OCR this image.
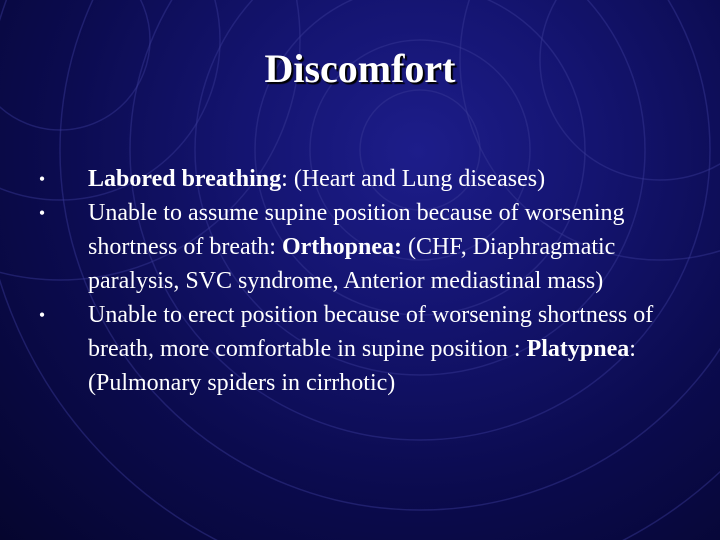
Discomfort
• Labored breathing: (Heart and Lung diseases)
• Unable to assume supine position because of worsening shortness of breath: Orthopnea: (CHF, Diaphragmatic paralysis, SVC syndrome, Anterior mediastinal mass)
• Unable to erect position because of worsening shortness of breath, more comfortable in supine position : Platypnea: (Pulmonary spiders in cirrhotic)
